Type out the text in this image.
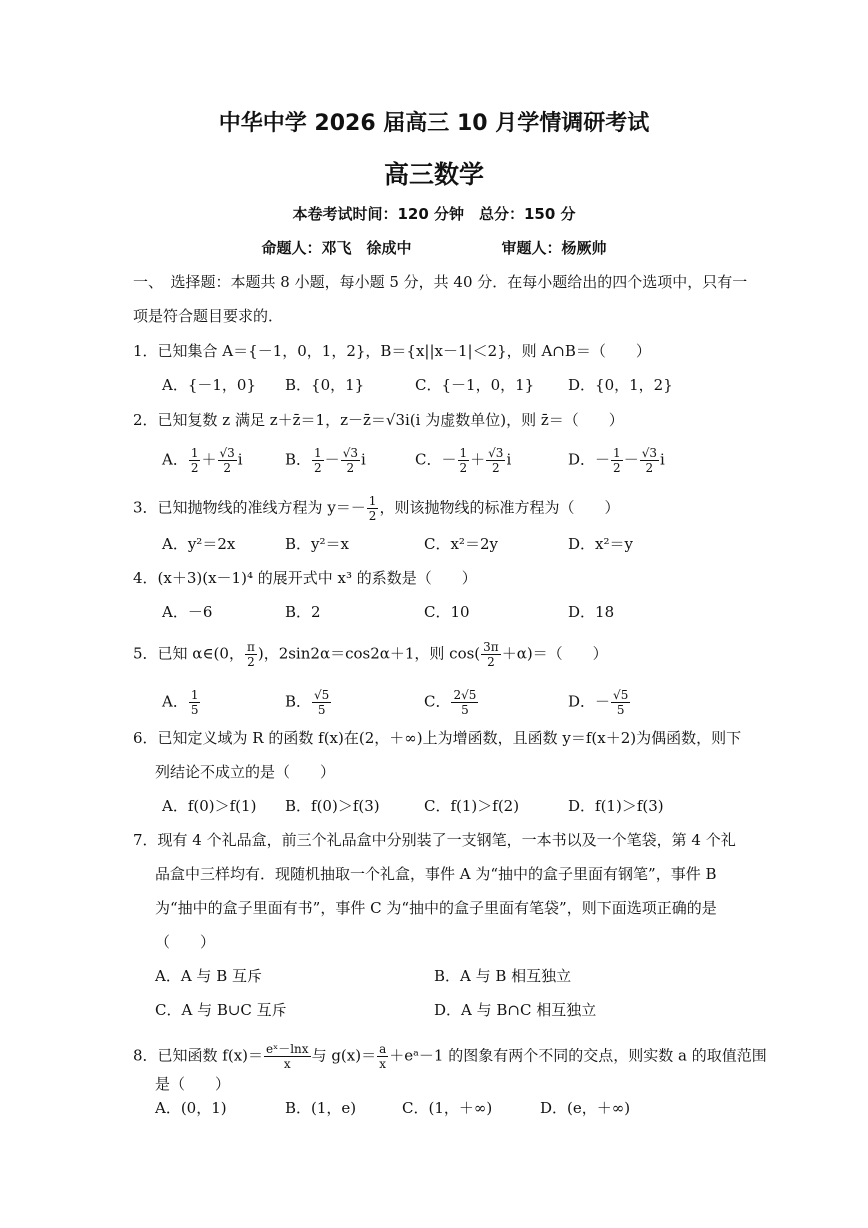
中华中学 2026 届高三 10 月学情调研考试
高三数学
本卷考试时间：120 分钟　总分：150 分
命题人：邓飞　徐成中　　　　　　审题人：杨厥帅
一、　选择题：本题共 8 小题，每小题 5 分，共 40 分．在每小题给出的四个选项中，只有一
项是符合题目要求的．
1．已知集合 A＝{－1，0，1，2}，B＝{x||x－1|＜2}，则 A∩B＝（　　）
A．{－1，0} B．{0，1}	C．{－1，0，1} D．{0，1，2}
2．已知复数 z 满足 z＋z̄＝1，z－z̄＝√3i(i 为虚数单位)，则 z̄＝（　　）
A． $\frac{1}{2} + \frac{√3}{2}$ i	B． $\frac{1}{2} - \frac{√3}{2}$ i	C．－ $\frac{1}{2} + \frac{√3}{2}$ i	D．－ $\frac{1}{2} - \frac{√3}{2}$ i
3．已知抛物线的准线方程为 $y=- \frac{1}{2}$ ，则该抛物线的标准方程为（　　）
A．y²＝2x	B．y²＝x	C．x²＝2y	D．x²＝y
4．(x＋3)(x－1)⁴ 的展开式中 x³ 的系数是（　　）
A．－6	B．2	C．10	D．18
5．已知 α∈(0， $\frac{\pi}{2}$ )，2sin2α＝cos2α＋1，则 $\cos( \frac{3\pi}{2} +\alpha)=$（　　）
A． $\frac{1}{5}$	B． $\frac{√5}{5}$	C． $\frac{2√5}{5}$	D．－ $\frac{√5}{5}$
6．已知定义域为 R 的函数 f(x)在(2，＋∞)上为增函数，且函数 y＝f(x＋2)为偶函数，则下
列结论不成立的是（　　）
A．f(0)＞f(1) B．f(0)＞f(3)	C．f(1)＞f(2)	D．f(1)＞f(3)
7．现有 4 个礼品盒，前三个礼品盒中分别装了一支钢笔，一本书以及一个笔袋，第 4 个礼
品盒中三样均有．现随机抽取一个礼盒，事件 A 为“抽中的盒子里面有钢笔”，事件 B
为“抽中的盒子里面有书”，事件 C 为“抽中的盒子里面有笔袋”，则下面选项正确的是
（　　）
A．A 与 B 互斥	B．A 与 B 相互独立
C．A 与 B∪C 互斥	D．A 与 B∩C 相互独立
8．已知函数 $f(x)= \frac{\text{eˣ－lnx}}{x}$ 与 $g(x)= \frac{a}{x}$ ＋eᵃ－1 的图象有两个不同的交点，则实数 a 的取值范围
是（　　）
A．(0，1)	B．(1，e)	C．(1，＋∞)	D．(e，＋∞)
